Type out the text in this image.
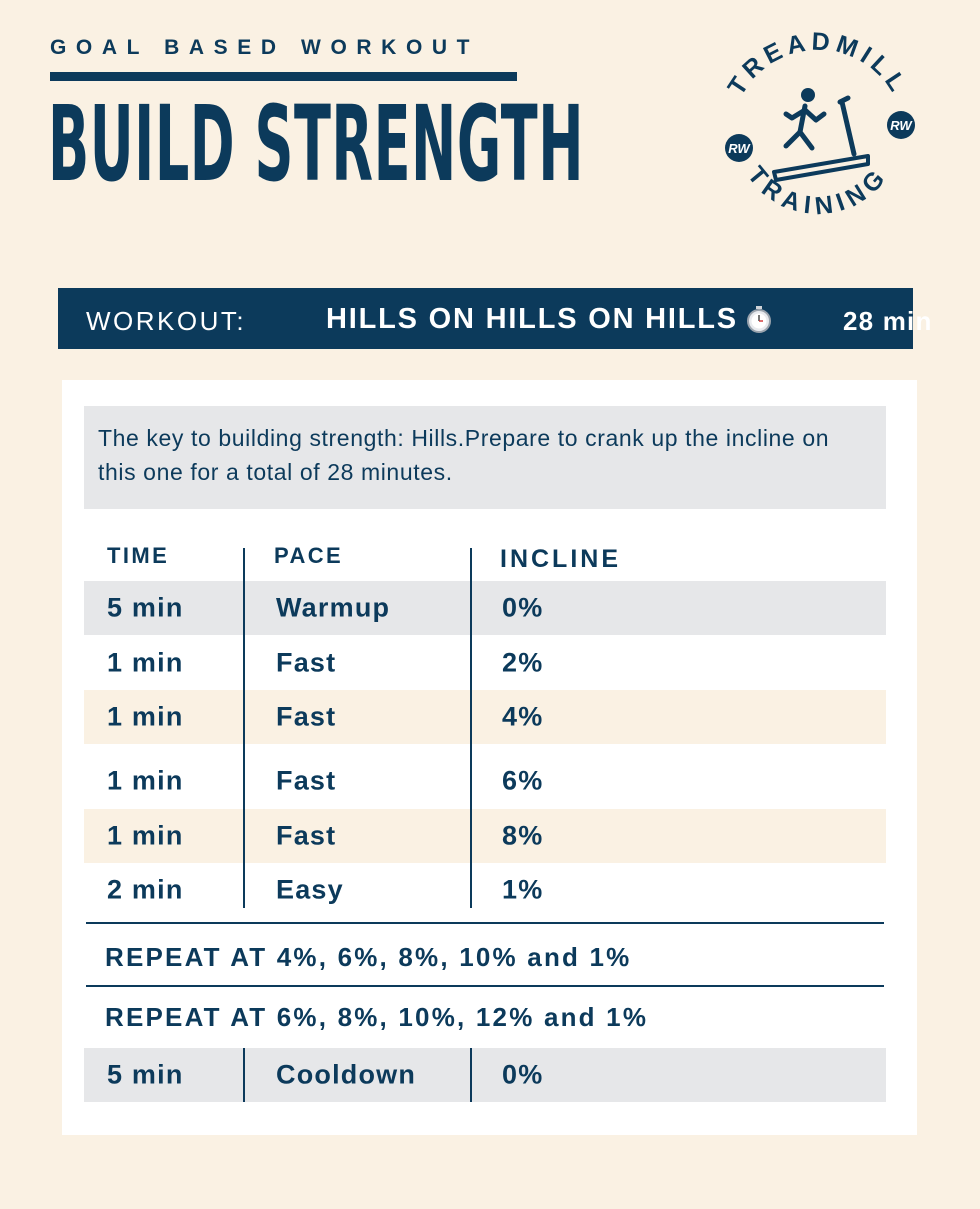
GOAL BASED WORKOUT
BUILD STRENGTH	TREADMILL
TRAINING
RW
RW
WORKOUT:	HILLS ON HILLS ON HILLS	28 min
The key to building strength: Hills.Prepare to crank up the incline on this one for a total of 28 minutes.
TIME	PACE	INCLINE
5 min	Warmup	0%
1 min	Fast	2%
1 min	Fast	4%
1 min	Fast	6%
1 min	Fast	8%
2 min	Easy	1%
REPEAT AT 4%, 6%, 8%, 10% and 1%
REPEAT AT 6%, 8%, 10%, 12% and 1%
5 min	Cooldown	0%
